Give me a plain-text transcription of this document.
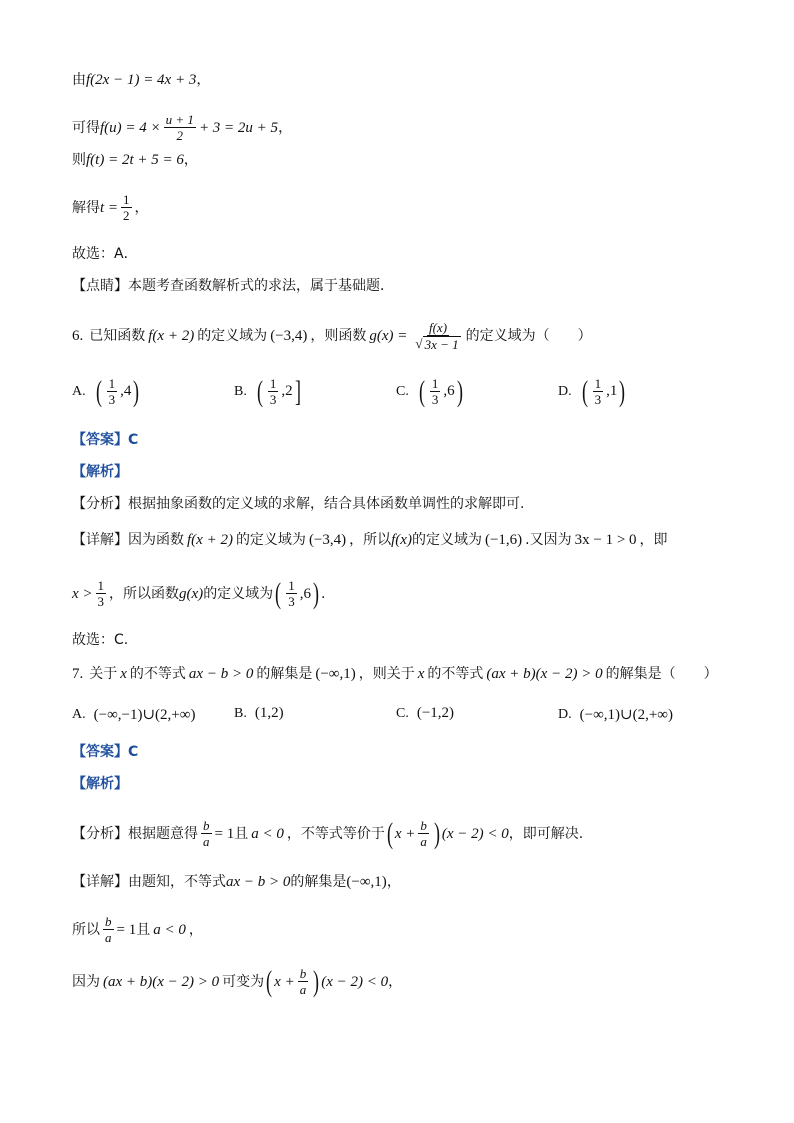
由 f(2x − 1) = 4x + 3 ，
可得 $f(u) = 4 \times \frac{u + 1}{2} + 3 = 2u + 5$ ，
则 f(t) = 2t + 5 = 6 ，
解得 $t = \frac{1}{2}$ ，
故选：A．
【点睛】 本题考查函数解析式的求法，属于基础题．
6. 已知函数 f(x + 2) 的定义域为 (−3,4) ，则函数 $g(x) = \frac{f(x)}{√ 3x - 1}$ 的定义域为（　　）
A. ( $\frac{1}{3} ,4$ )	B. ( $\frac{1}{3} ,2$ ]	C. ( $\frac{1}{3} ,6$ )	D. ( $\frac{1}{3} ,1$ )
【答案】C
【解析】
【分析】 根据抽象函数的定义域的求解，结合具体函数单调性的求解即可.
【详解】 因为函数 f(x + 2) 的定义域为 (−3,4) ，所以 f(x) 的定义域为 (−1,6) .又因为 3x − 1 > 0 ，即
$x > \frac{1}{3}$ ，所以函数 g(x) 的定义域为 ( $\frac{1}{3} ,6$ ) .
故选：C.
7. 关于 x 的不等式 ax − b > 0 的解集是 (−∞,1) ，则关于 x 的不等式 (ax + b)(x − 2) > 0 的解集是（　　）
A. (−∞,−1)∪(2,+∞)	B. (1,2)	C. (−1,2)	D. (−∞,1)∪(2,+∞)
【答案】C
【解析】
【分析】 根据题意得 $\frac{b}{a} = 1$ 且 a < 0 ，不等式等价于 ( $x + \frac{b}{a}$ ) (x − 2) < 0 ，即可解决.
【详解】 由题知，不等式 ax − b > 0 的解集是 (−∞,1) ，
所以 $\frac{b}{a} = 1$ 且 a < 0 ，
因为 (ax + b)(x − 2) > 0 可变为 ( $x + \frac{b}{a}$ ) (x − 2) < 0 ，
